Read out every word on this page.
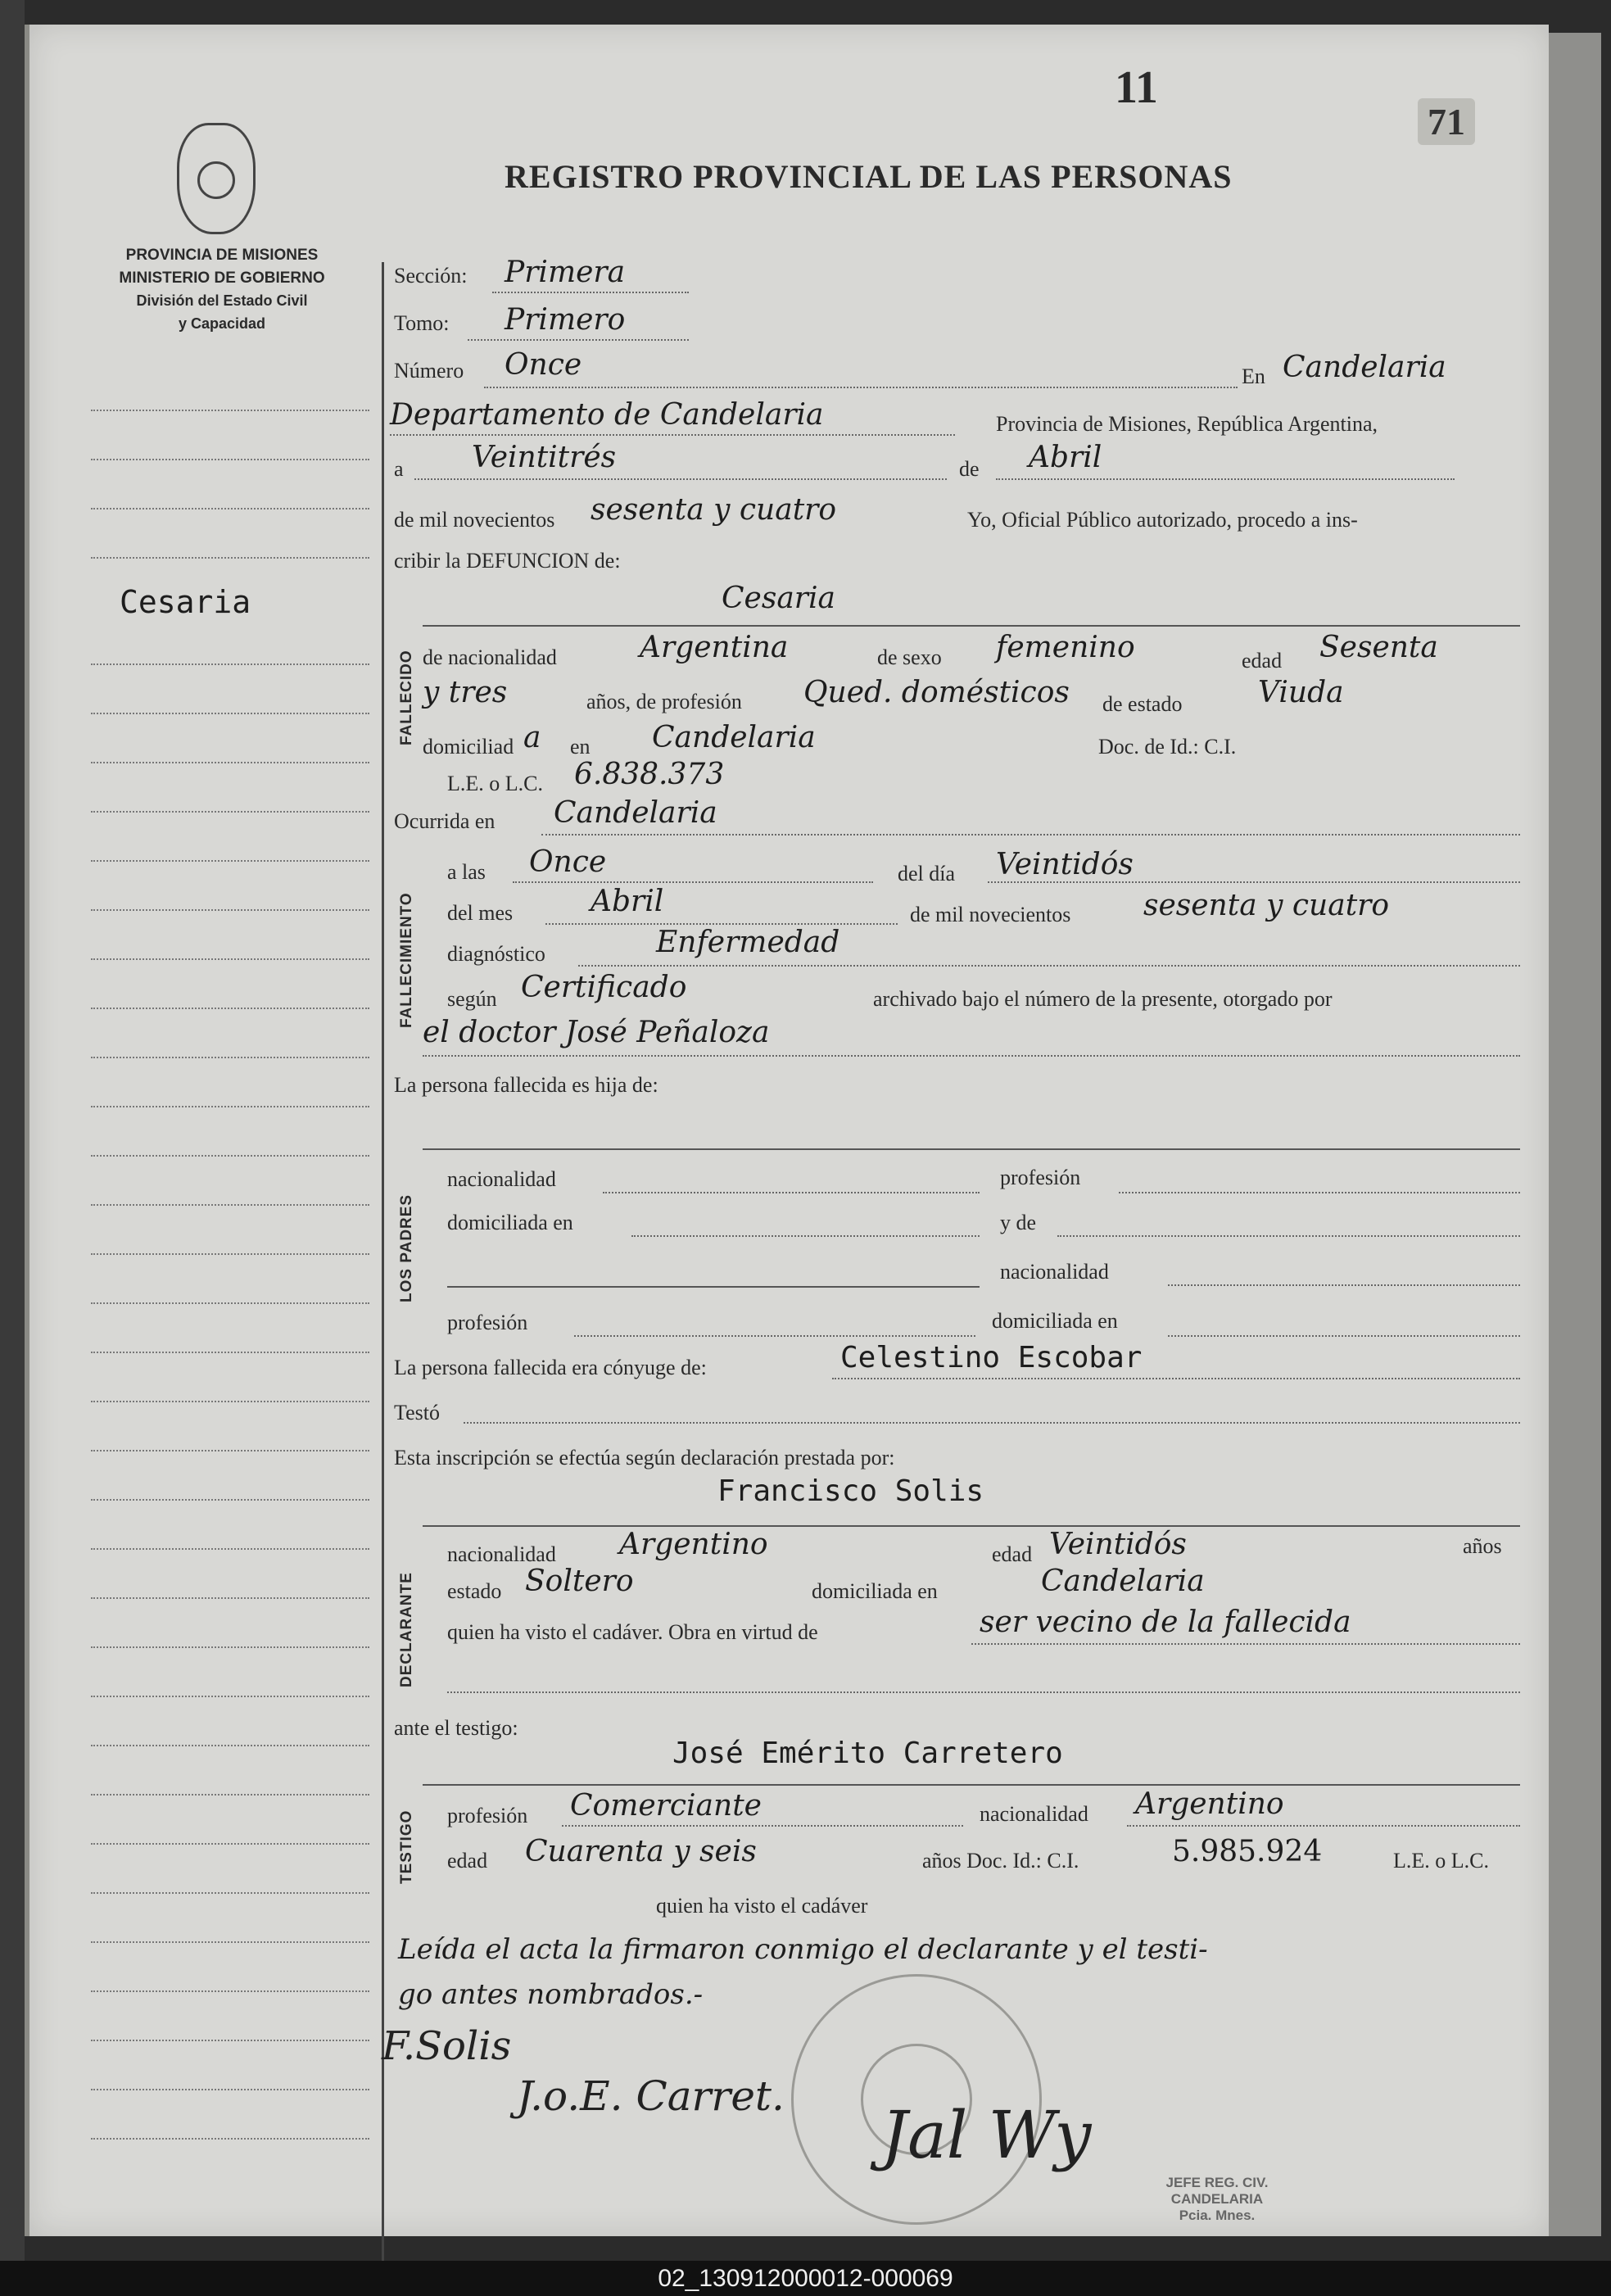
11
71
REGISTRO PROVINCIAL DE LAS PERSONAS
PROVINCIA DE MISIONES
MINISTERIO DE GOBIERNO
División del Estado Civil
y Capacidad
Cesaria
Sección: Primera
Tomo: Primero
Número Once	En Candelaria
Departamento de Candelaria	Provincia de Misiones, República Argentina,
a Veintitrés	de Abril
de mil novecientos sesenta y cuatro	Yo, Oficial Público autorizado, procedo a ins-
cribir la DEFUNCION de:
FALLECIDO
Cesaria
de nacionalidad	Argentina	de sexo femenino	edad Sesenta
y tres	años, de profesión Qued. domésticos de estado	Viuda
domiciliad a en Candelaria	Doc. de Id.: C.I.
L.E. o L.C. 6.838.373
Ocurrida en Candelaria
FALLECIMIENTO
a las Once	del día Veintidós
del mes	Abril	de mil novecientos sesenta y cuatro
diagnóstico	Enfermedad
según Certificado	archivado bajo el número de la presente, otorgado por
el doctor José Peñaloza
La persona fallecida es hija de:
LOS PADRES
nacionalidad	profesión
domiciliada en	y de
nacionalidad
profesión	domiciliada en
La persona fallecida era cónyuge de:	Celestino Escobar
Testó
Esta inscripción se efectúa según declaración prestada por:
DECLARANTE
Francisco Solis
nacionalidad Argentino	edad Veintidós	años
estado Soltero	domiciliada en	Candelaria
quien ha visto el cadáver. Obra en virtud de	ser vecino de la fallecida
ante el testigo:
TESTIGO
José Emérito Carretero
profesión Comerciante	nacionalidad Argentino
edad Cuarenta y seis	años Doc. Id.: C.I.	5.985.924	L.E. o L.C.
quien ha visto el cadáver
Leída el acta la firmaron conmigo el declarante y el testi-
go antes nombrados.-
F.Solis
J.o.E. Carret.
Jal Wy
JEFE REG. CIV.
CANDELARIA
Pcia. Mnes.
02_130912000012-000069
